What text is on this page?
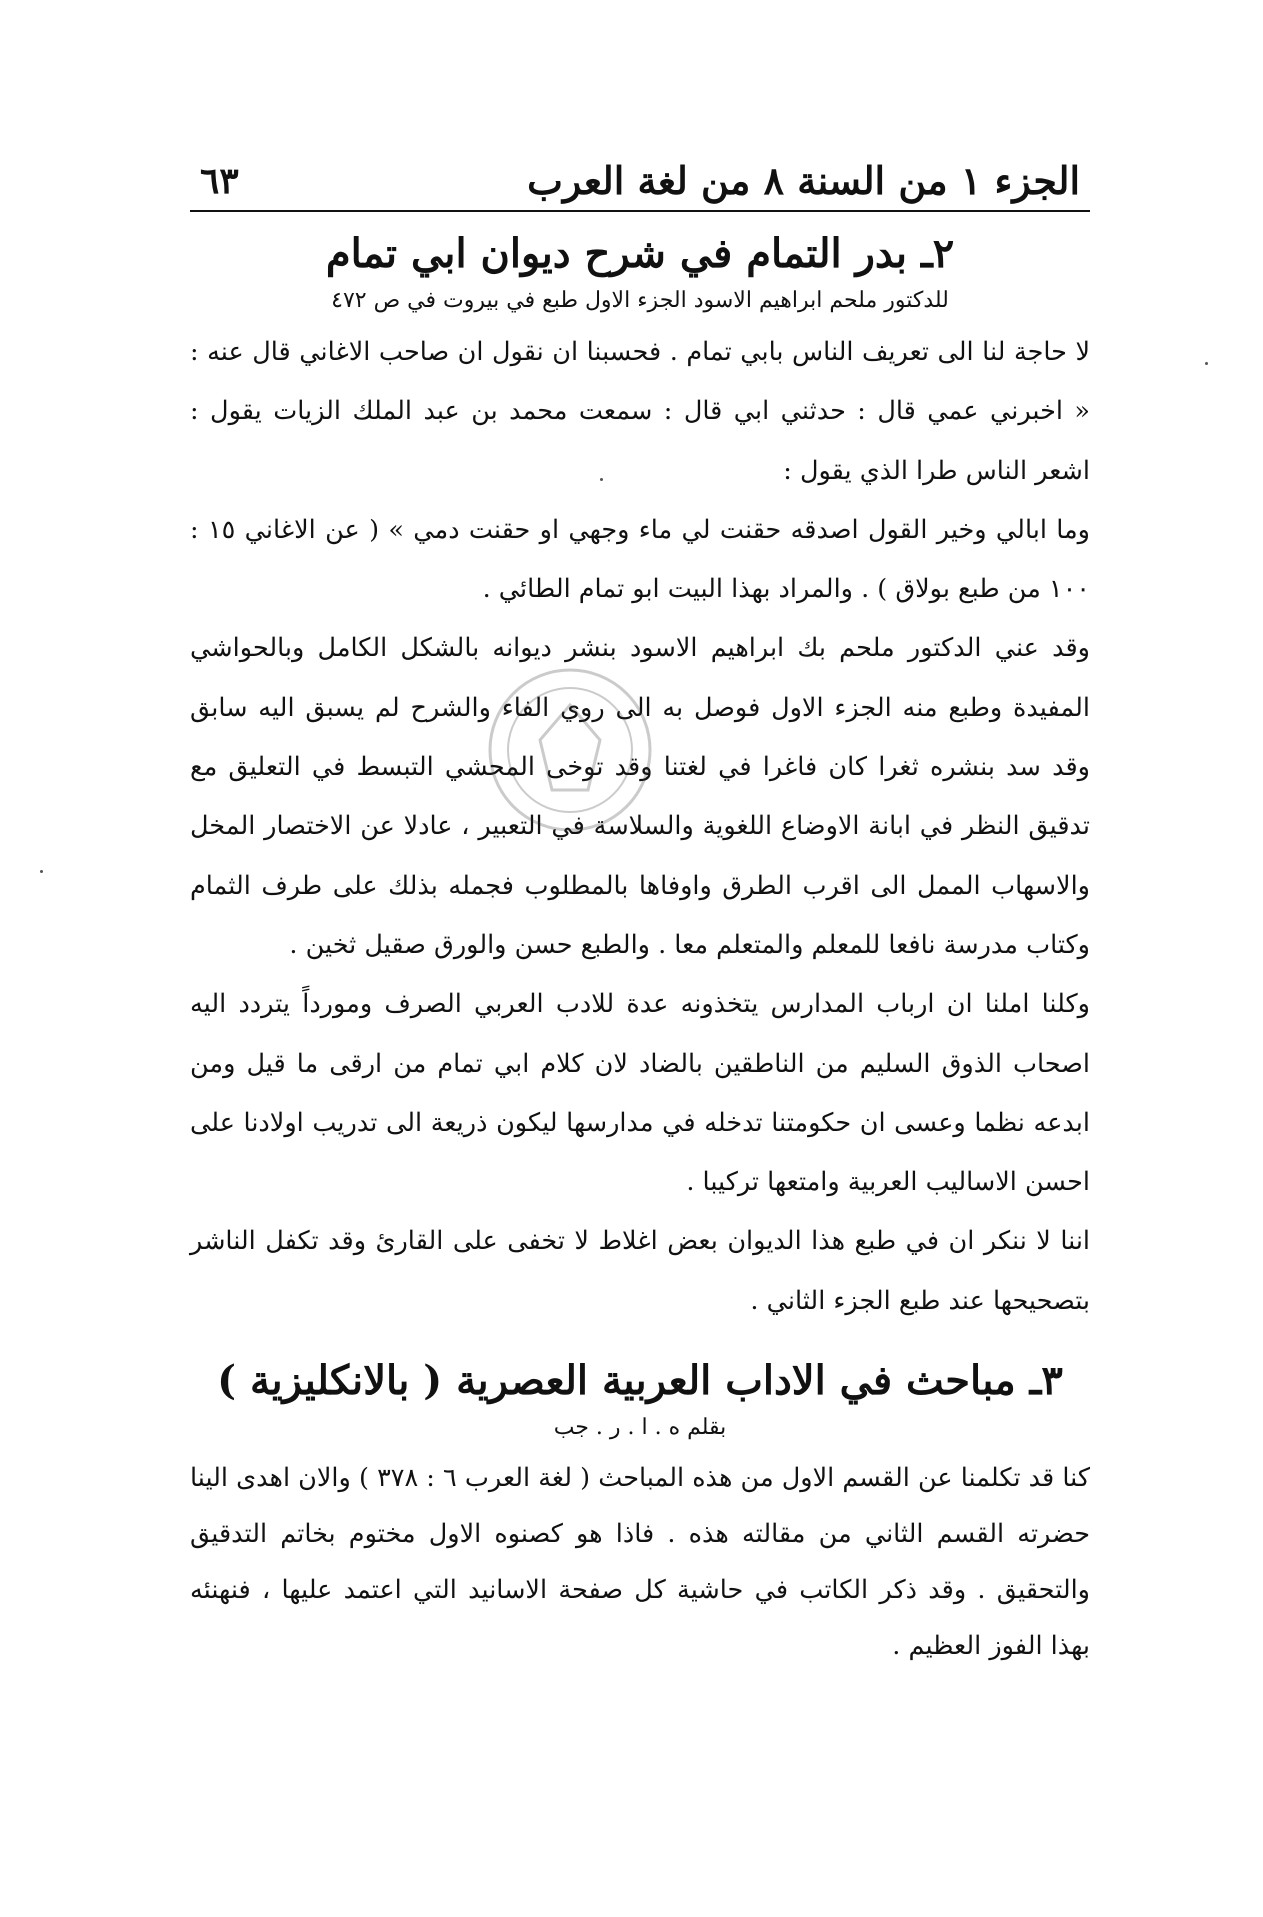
الجزء ١ من السنة ٨ من لغة العرب
٦٣
٢ـ بدر التمام في شرح ديوان ابي تمام
للدكتور ملحم ابراهيم الاسود الجزء الاول طبع في بيروت في ص ٤٧٢

لا حاجة لنا الى تعريف الناس بابي تمام . فحسبنا ان نقول ان صاحب الاغاني قال عنه : « اخبرني عمي قال : حدثني ابي قال : سمعت محمد بن عبد الملك الزيات يقول : اشعر الناس طرا الذي يقول :

وما ابالي وخير القول اصدقه حقنت لي ماء وجهي او حقنت دمي » ( عن الاغاني ١٥ : ١٠٠ من طبع بولاق ) . والمراد بهذا البيت ابو تمام الطائي .

وقد عني الدكتور ملحم بك ابراهيم الاسود بنشر ديوانه بالشكل الكامل وبالحواشي المفيدة وطبع منه الجزء الاول فوصل به الى روي الفاء والشرح لم يسبق اليه سابق وقد سد بنشره ثغرا كان فاغرا في لغتنا وقد توخى المحشي التبسط في التعليق مع تدقيق النظر في ابانة الاوضاع اللغوية والسلاسة في التعبير ، عادلا عن الاختصار المخل والاسهاب الممل الى اقرب الطرق واوفاها بالمطلوب فجمله بذلك على طرف الثمام وكتاب مدرسة نافعا للمعلم والمتعلم معا . والطبع حسن والورق صقيل ثخين .

وكلنا املنا ان ارباب المدارس يتخذونه عدة للادب العربي الصرف ومورداً يتردد اليه اصحاب الذوق السليم من الناطقين بالضاد لان كلام ابي تمام من ارقى ما قيل ومن ابدعه نظما وعسى ان حكومتنا تدخله في مدارسها ليكون ذريعة الى تدريب اولادنا على احسن الاساليب العربية وامتعها تركيبا .

اننا لا ننكر ان في طبع هذا الديوان بعض اغلاط لا تخفى على القارئ وقد تكفل الناشر بتصحيحها عند طبع الجزء الثاني .

٣ـ مباحث في الاداب العربية العصرية ( بالانكليزية )
بقلم ه . ا . ر . جب

كنا قد تكلمنا عن القسم الاول من هذه المباحث ( لغة العرب ٦ : ٣٧٨ ) والان اهدى الينا حضرته القسم الثاني من مقالته هذه . فاذا هو كصنوه الاول مختوم بخاتم التدقيق والتحقيق . وقد ذكر الكاتب في حاشية كل صفحة الاسانيد التي اعتمد عليها ، فنهنئه بهذا الفوز العظيم .
